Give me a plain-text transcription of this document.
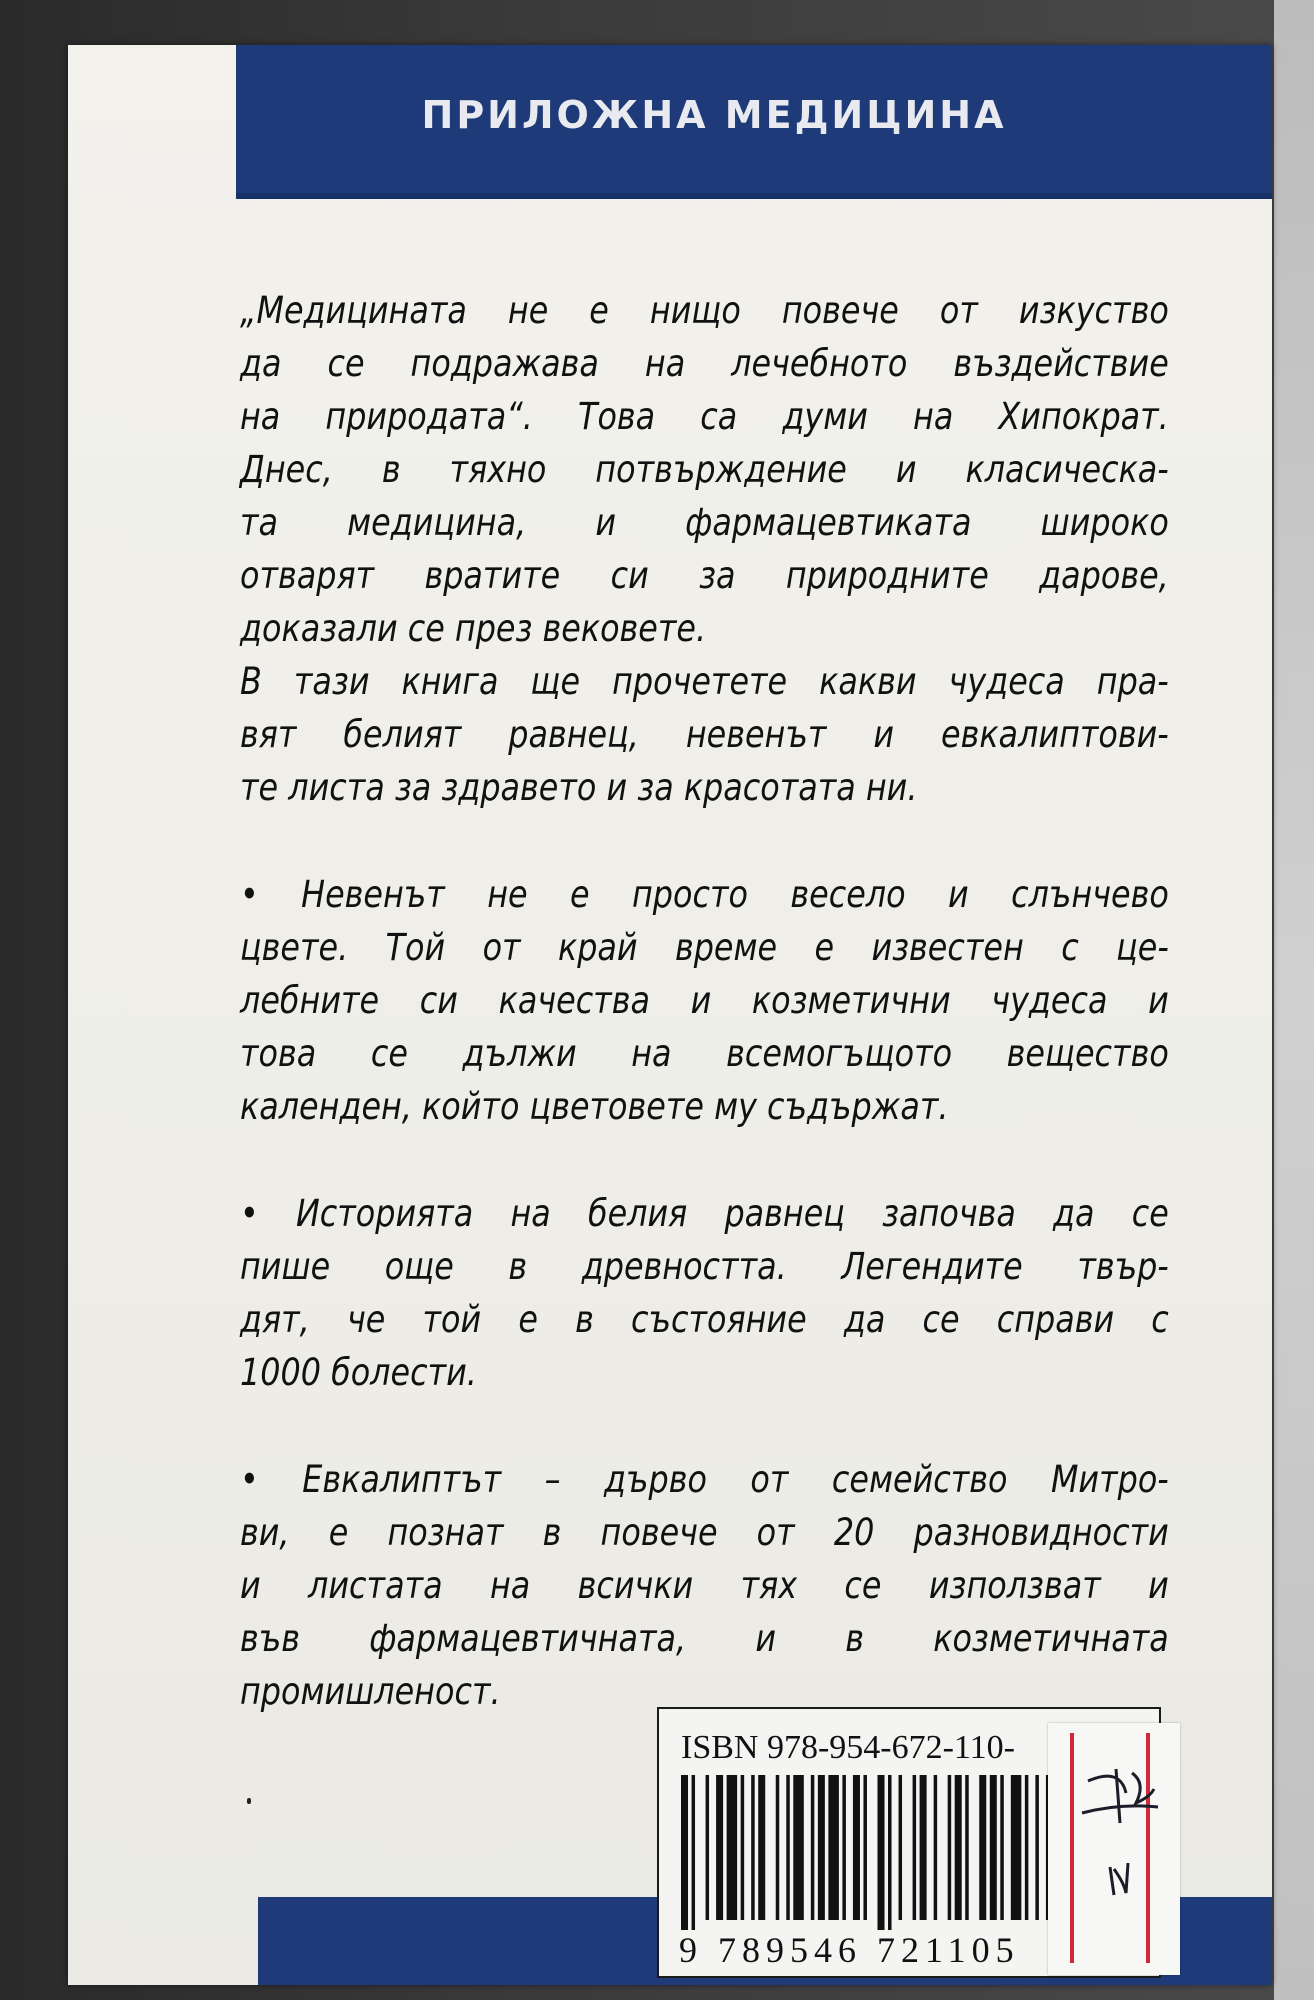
ПРИЛОЖНА МЕДИЦИНА
„Медицината не е нищо повече от изкуство
да се подражава на лечебното въздействие
на природата“. Това са думи на Хипократ.
Днес, в тяхно потвърждение и класическа-
та медицина, и фармацевтиката широко
отварят вратите си за природните дарове,
доказали се през вековете.
В тази книга ще прочетете какви чудеса пра-
вят белият равнец, невенът и евкалиптови-
те листа за здравето и за красотата ни.
• Невенът не е просто весело и слънчево
цвете. Той от край време е известен с це-
лебните си качества и козметични чудеса и
това се дължи на всемогъщото вещество
календен, който цветовете му съдържат.
• Историята на белия равнец започва да се
пише още в древността. Легендите твър-
дят, че той е в състояние да се справи с
1000 болести.
• Евкалиптът – дърво от семейство Митро-
ви, е познат в повече от 20 разновидности
и листата на всички тях се използват и
във фармацевтичната, и в козметичната
промишленост.
ISBN 978-954-672-110-
9 789546 721105
